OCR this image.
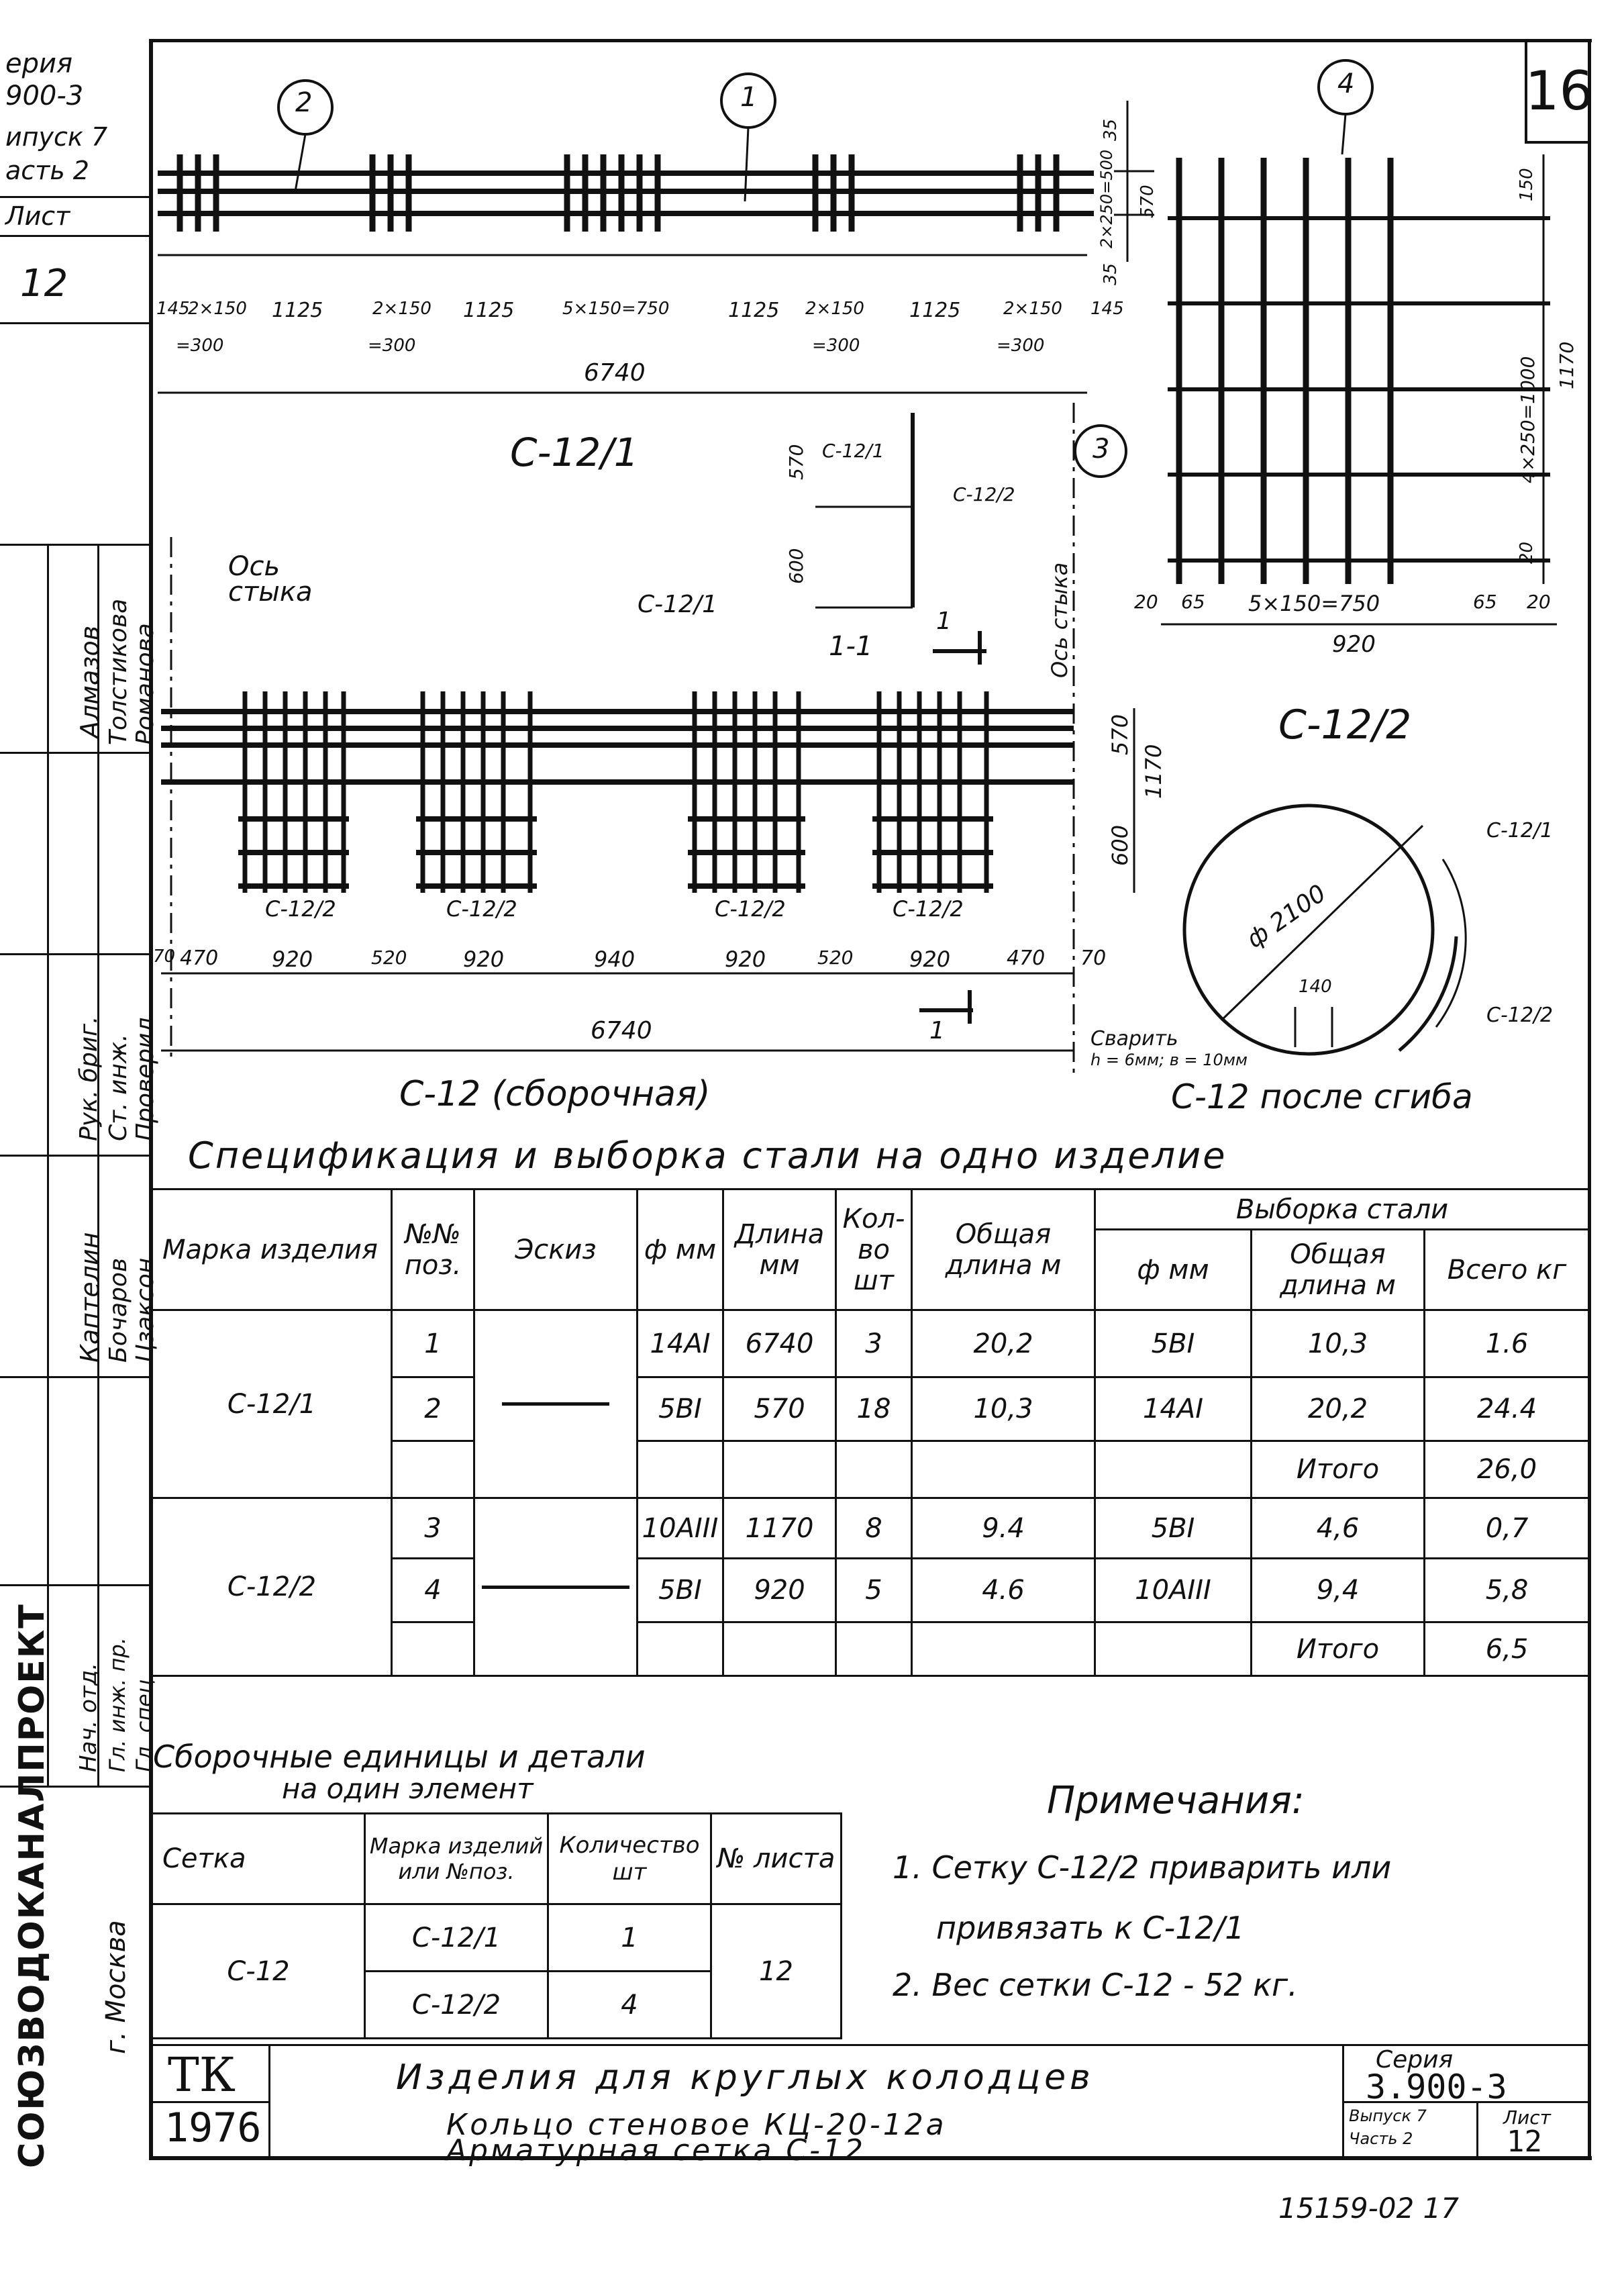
16
ерия
900-3
ипуск 7
асть 2
Лист
12
Алмазов Толстикова Романова
Каптелин Бочаров Цзаксон
Рук. бриг. Ст. инж. Проверил
Нач. отд. Гл. инж. пр. Гл. спец.
СОЮЗВОДОКАНАЛПРОЕКТ г. Москва
2	1	4
3
145
2×150 1125	2×150 1125	5×150=750	1125 2×150 1125 2×150 145
=300	=300	=300	=300
6740
35
2×250=500
35
570
С-12/1	С-12/1
С-12/2
570
600
1-1
1	Ось стыка
Ось стыка	С-12/1
С-12/2	С-12/2	С-12/2	С-12/2
70 470 920	520	920	940	920	520	920	470 70
6740	1
570
1170
600
20 65 5×150=750	65 20
920
150
4×250=1000 1170
20
С-12/2
ф 2100
140
С-12/1
С-12/2
Сварить
h = 6мм; в = 10мм
С-12 (сборочная)	С-12 после сгиба
Спецификация и выборка стали на одно изделие
Марка изделия	№№ поз.	Эскиз	ф мм	Длина мм	Кол-во шт	Общая длина м	Выборка стали		
							ф мм	Общая длина м	Всего кг
С-12/1	1		14АI	6740	3	20,2	5ВI	10,3	1.6
	2		5ВI	570	18	10,3	14АI	20,2	24.4
								Итого	26,0
С-12/2	3		10АIII	1170	8	9.4	5ВI	4,6	0,7
	4		5ВI	920	5	4.6	10АIII	9,4	5,8
								Итого	6,5
Сборочные единицы и детали
на один элемент
Сетка	Марка изделий или №поз.	Количество шт	№ листа
С-12	С-12/1	1	12
	С-12/2	4	
Примечания:
1. Сетку С-12/2 приварить или
привязать к С-12/1
2. Вес сетки С-12 - 52 кг.
ТК
1976
Изделия для круглых колодцев
Кольцо стеновое КЦ-20-12а
Арматурная сетка С-12
Серия
3.900-3
Выпуск 7
Часть 2
Лист
12
15159-02 17
